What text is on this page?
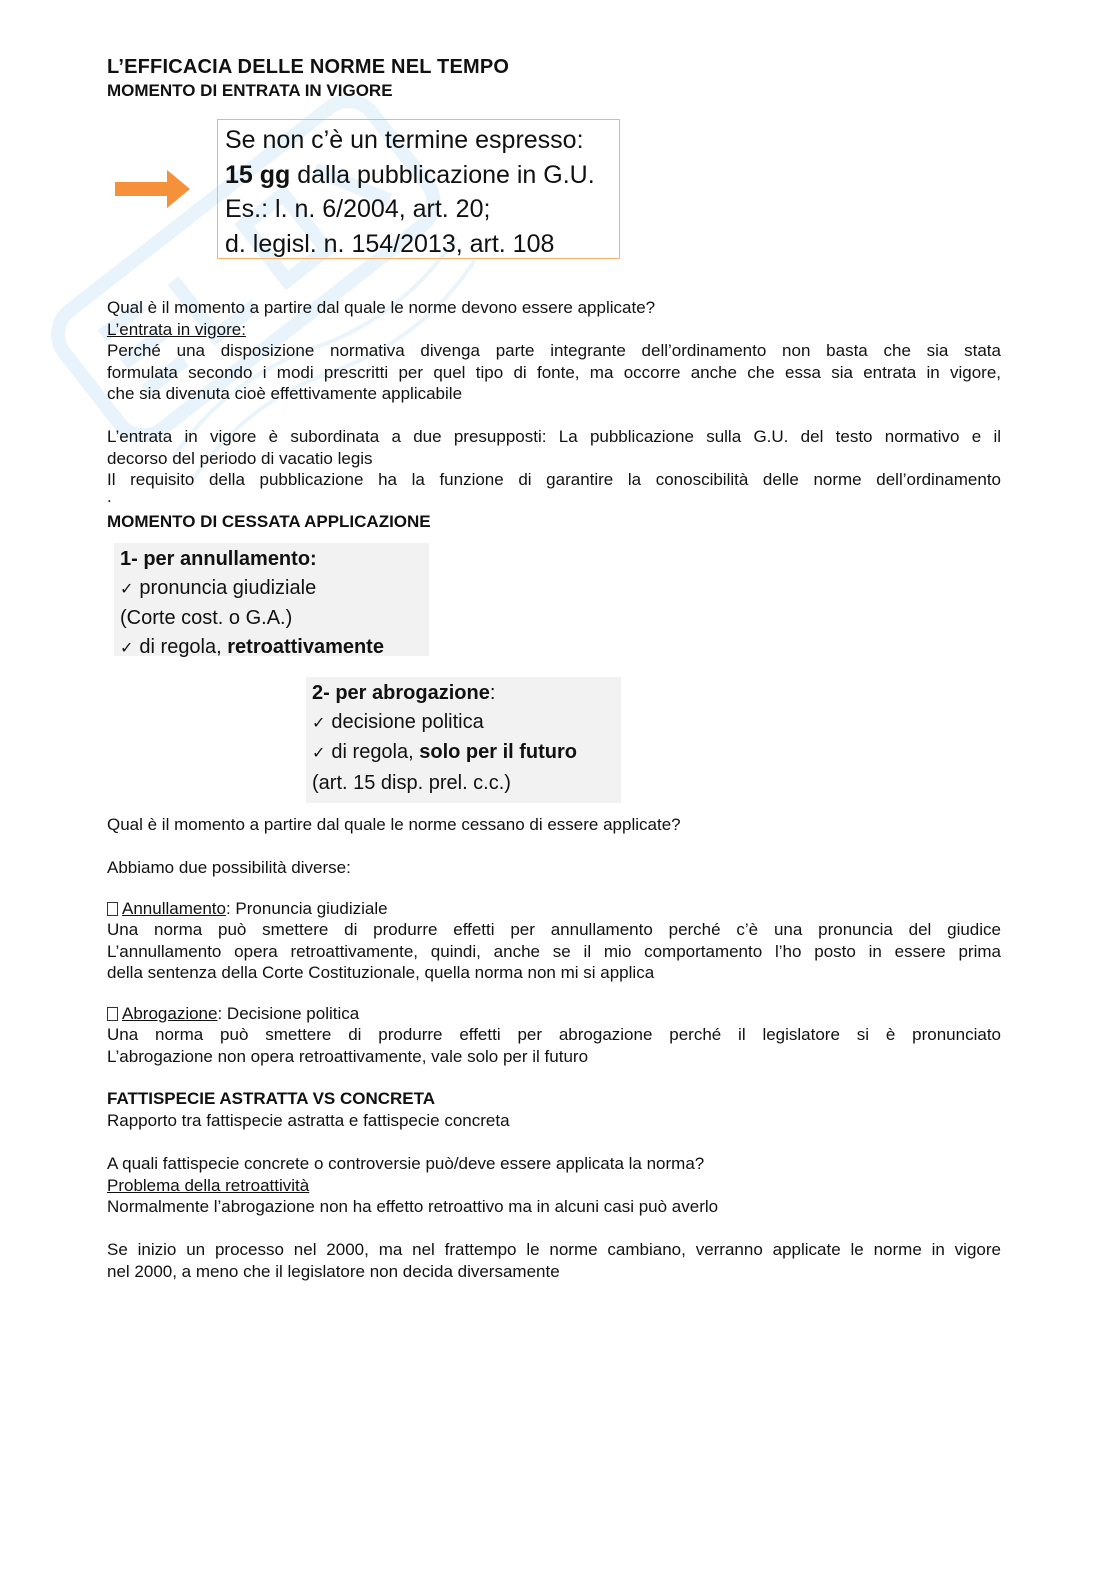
L’EFFICACIA DELLE NORME NEL TEMPO
MOMENTO DI ENTRATA IN VIGORE
Se non c’è un termine espresso:
15 gg dalla pubblicazione in G.U.
Es.: l. n. 6/2004, art. 20;
d. legisl. n. 154/2013, art. 108

Qual è il momento a partire dal quale le norme devono essere applicate?

L’entrata in vigore:

Perché una disposizione normativa divenga parte integrante dell’ordinamento non basta che sia stata

formulata secondo i modi prescritti per quel tipo di fonte, ma occorre anche che essa sia entrata in vigore,

che sia divenuta cioè effettivamente applicabile

L’entrata in vigore è subordinata a due presupposti: La pubblicazione sulla G.U. del testo normativo e il

decorso del periodo di vacatio legis

Il requisito della pubblicazione ha la funzione di garantire la conoscibilità delle norme dell’ordinamento

.

MOMENTO DI CESSATA APPLICAZIONE
1- per annullamento:
✓ pronuncia giudiziale
(Corte cost. o G.A.)
✓ di regola, retroattivamente
2- per abrogazione:
✓ decisione politica
✓ di regola, solo per il futuro
(art. 15 disp. prel. c.c.)

Qual è il momento a partire dal quale le norme cessano di essere applicate?

Abbiamo due possibilità diverse:

Annullamento: Pronuncia giudiziale

Una norma può smettere di produrre effetti per annullamento perché c’è una pronuncia del giudice

L’annullamento opera retroattivamente, quindi, anche se il mio comportamento l’ho posto in essere prima

della sentenza della Corte Costituzionale, quella norma non mi si applica

Abrogazione: Decisione politica

Una norma può smettere di produrre effetti per abrogazione perché il legislatore si è pronunciato

L’abrogazione non opera retroattivamente, vale solo per il futuro

FATTISPECIE ASTRATTA VS CONCRETA

Rapporto tra fattispecie astratta e fattispecie concreta

A quali fattispecie concrete o controversie può/deve essere applicata la norma?

Problema della retroattività

Normalmente l’abrogazione non ha effetto retroattivo ma in alcuni casi può averlo

Se inizio un processo nel 2000, ma nel frattempo le norme cambiano, verranno applicate le norme in vigore

nel 2000, a meno che il legislatore non decida diversamente
